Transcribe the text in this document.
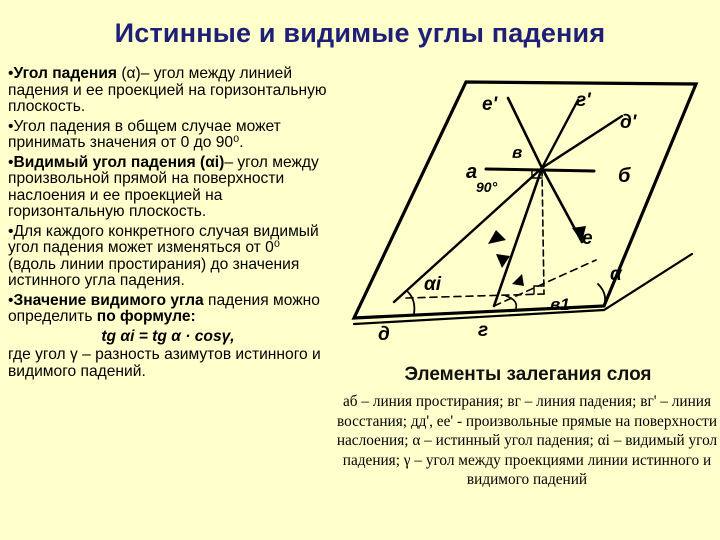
Истинные и видимые углы падения

• Угол падения (α)– угол между линией падения и ее проекцией на горизонтальную плоскость.

• Угол падения в общем случае может принимать значения от 0 до 90⁰.

• Видимый угол падения (αi)– угол между произвольной прямой на поверхности наслоения и ее проекцией на горизонтальную плоскость.

• Для каждого конкретного случая видимый угол падения может изменяться от 0⁰ (вдоль линии простирания) до значения истинного угла падения.

• Значение видимого угла падения можно определить по формуле:

tg αi = tg α · cosγ,

где угол γ – разность азимутов истинного и видимого падений.

е'	г'
д'
а
в
90°	б
е
αi	α
в1
д	г
Элементы залегания слоя
аб – линия простирания; вг – линия падения; вг' – линия восстания; дд', ее' - произвольные прямые на поверхности наслоения; α – истинный угол падения; αi – видимый угол падения; γ – угол между проекциями линии истинного и видимого падений
